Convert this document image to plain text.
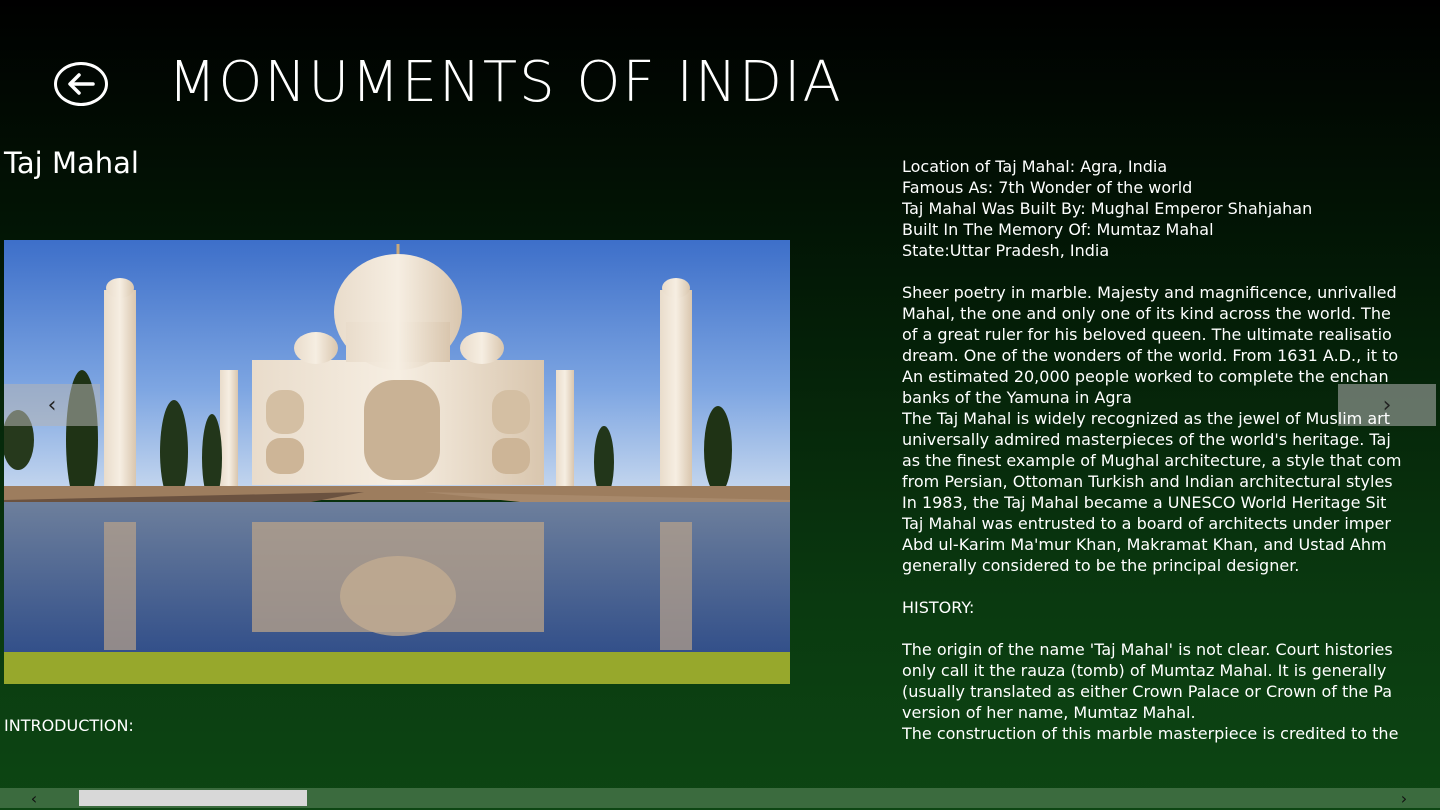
MONUMENTS OF INDIA
Taj Mahal
‹	›
INTRODUCTION:

Location of Taj Mahal: Agra, India

Famous As: 7th Wonder of the world

Taj Mahal Was Built By: Mughal Emperor Shahjahan

Built In The Memory Of: Mumtaz Mahal

State:Uttar Pradesh, India

Sheer poetry in marble. Majesty and magnificence, unrivalled

Mahal, the one and only one of its kind across the world. The

of a great ruler for his beloved queen. The ultimate realisatio

dream. One of the wonders of the world. From 1631 A.D., it to

An estimated 20,000 people worked to complete the enchan

banks of the Yamuna in Agra

The Taj Mahal is widely recognized as the jewel of Muslim art

universally admired masterpieces of the world's heritage. Taj

as the finest example of Mughal architecture, a style that com

from Persian, Ottoman Turkish and Indian architectural styles

In 1983, the Taj Mahal became a UNESCO World Heritage Sit

Taj Mahal was entrusted to a board of architects under imper

Abd ul-Karim Ma'mur Khan, Makramat Khan, and Ustad Ahm

generally considered to be the principal designer.

HISTORY:

The origin of the name 'Taj Mahal' is not clear. Court histories

only call it the rauza (tomb) of Mumtaz Mahal. It is generally

(usually translated as either Crown Palace or Crown of the Pa

version of her name, Mumtaz Mahal.

The construction of this marble masterpiece is credited to the

‹	›
